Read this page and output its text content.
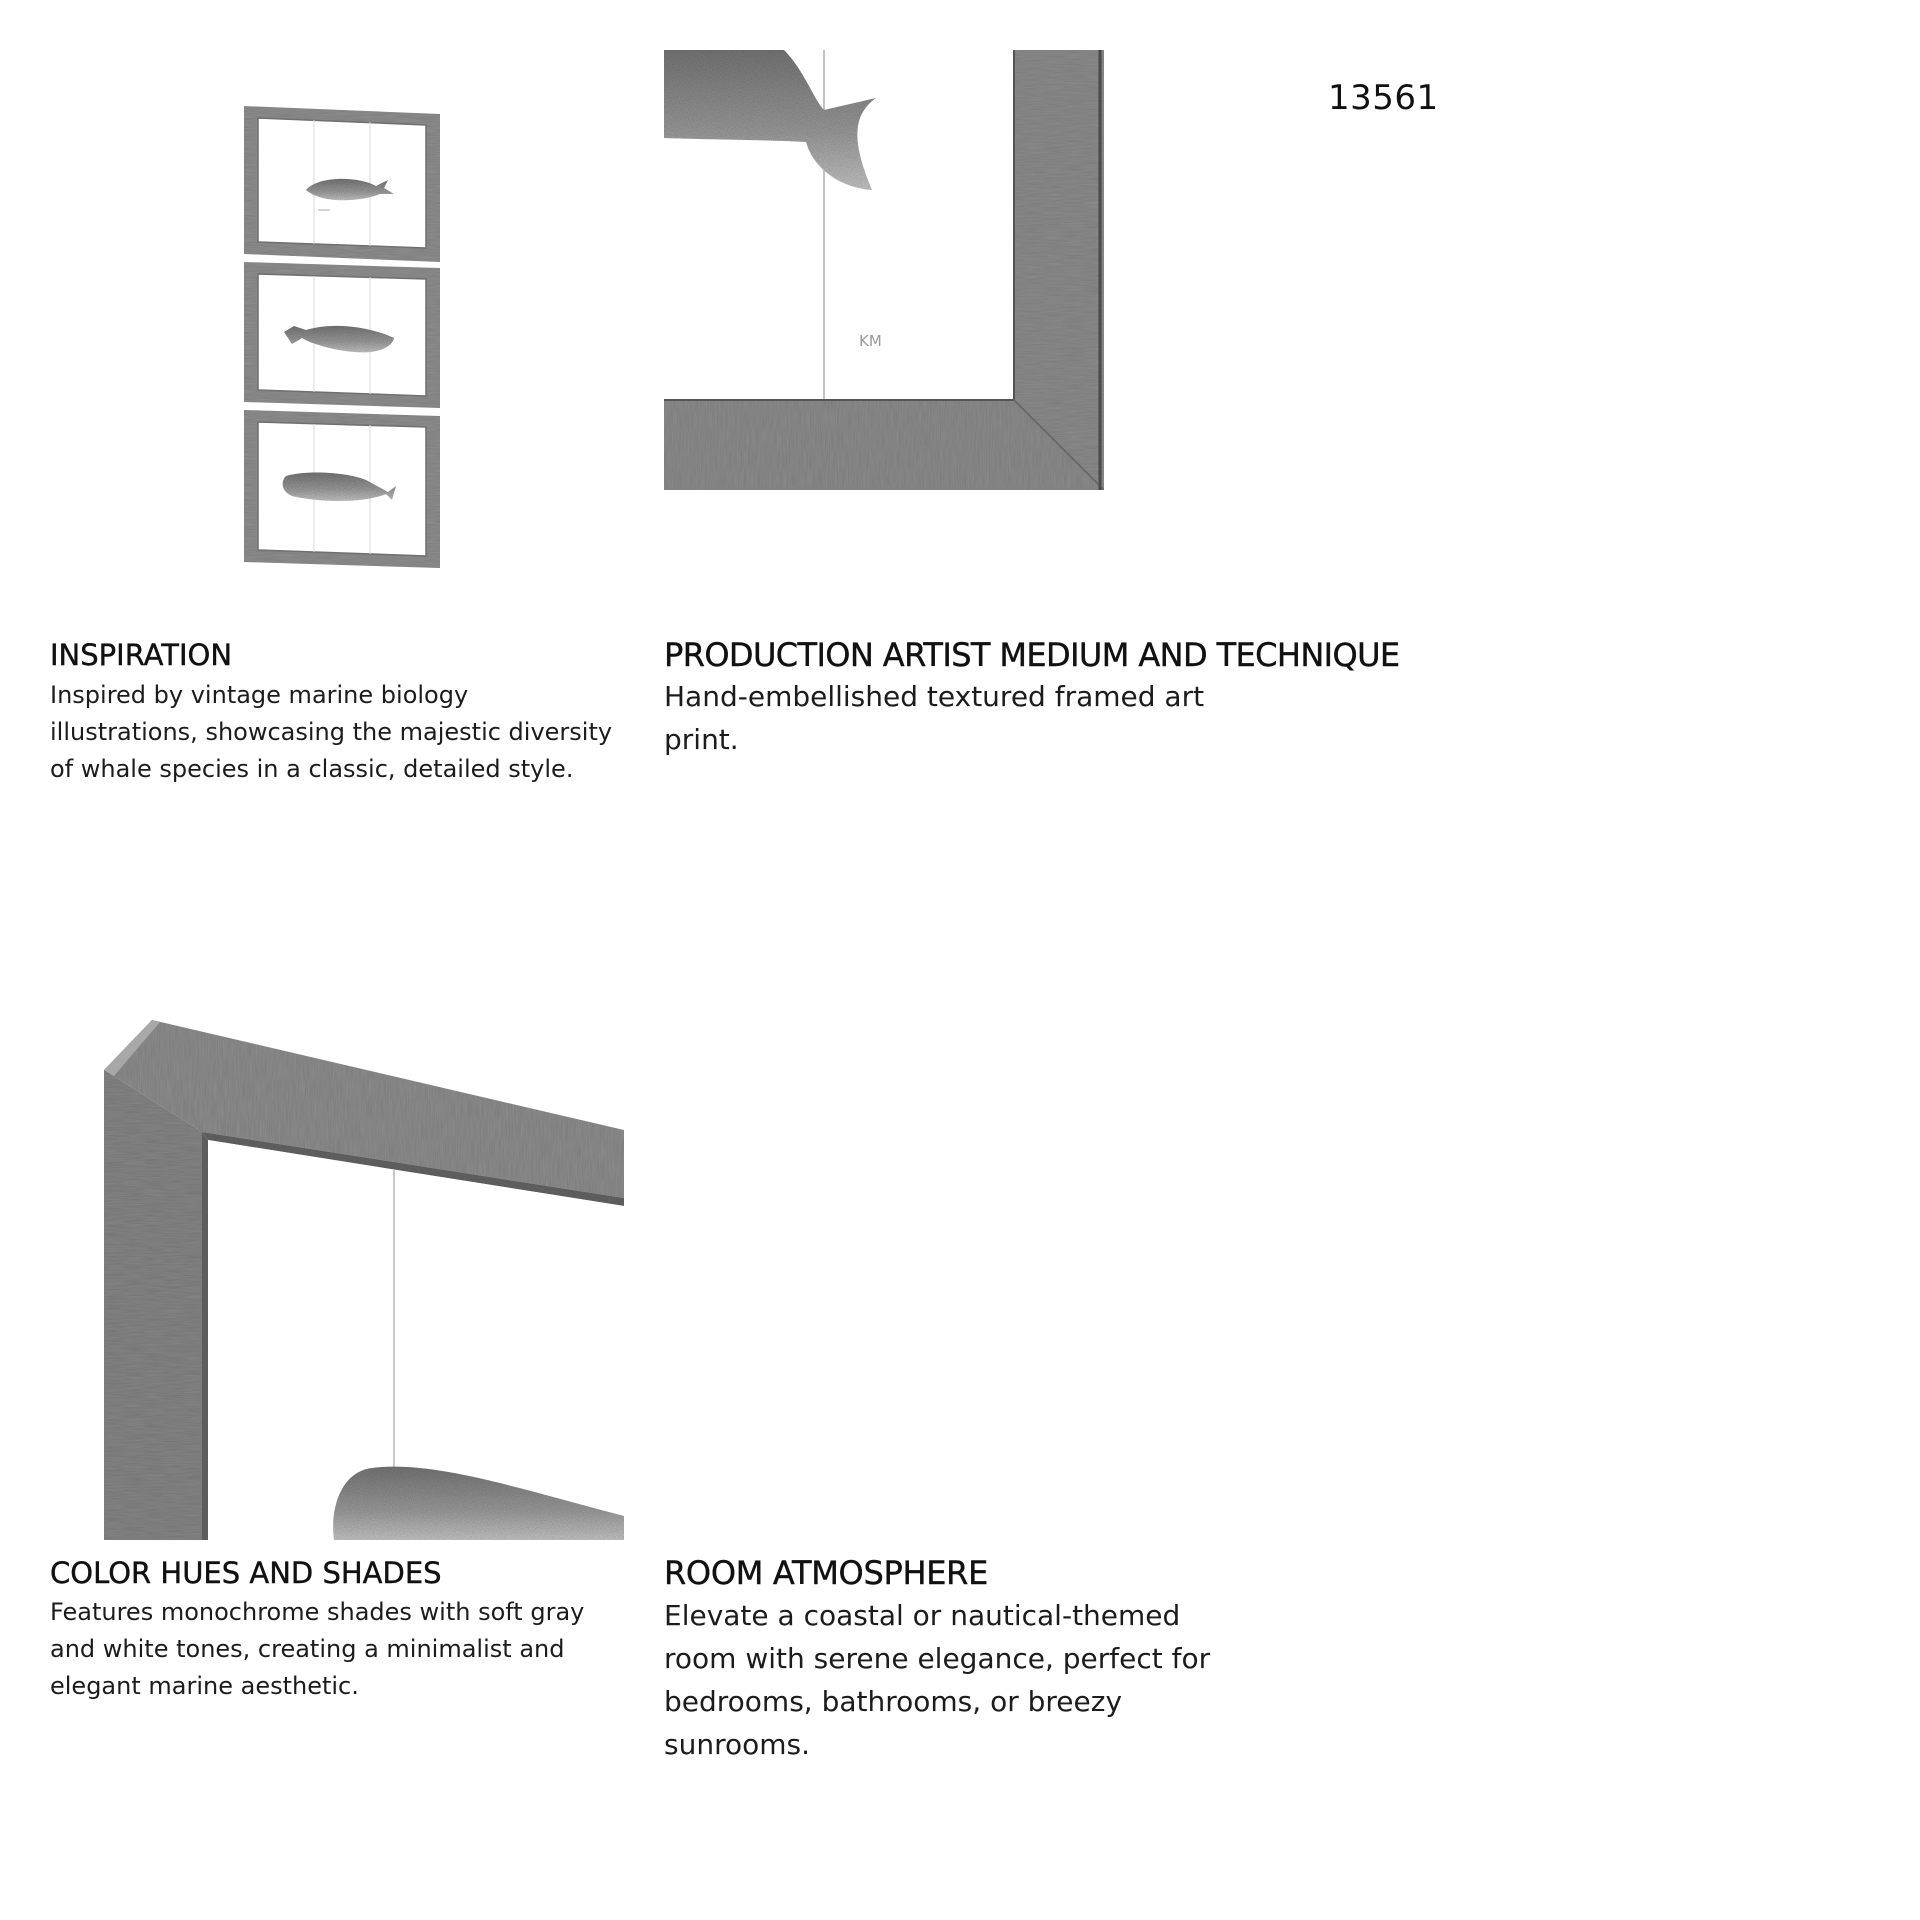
13561
KM
INSPIRATION
Inspired by vintage marine biology
illustrations, showcasing the majestic diversity
of whale species in a classic, detailed style.
PRODUCTION ARTIST MEDIUM AND TECHNIQUE
Hand-embellished textured framed art
print.
COLOR HUES AND SHADES
Features monochrome shades with soft gray
and white tones, creating a minimalist and
elegant marine aesthetic.
ROOM ATMOSPHERE
Elevate a coastal or nautical-themed
room with serene elegance, perfect for
bedrooms, bathrooms, or breezy
sunrooms.
